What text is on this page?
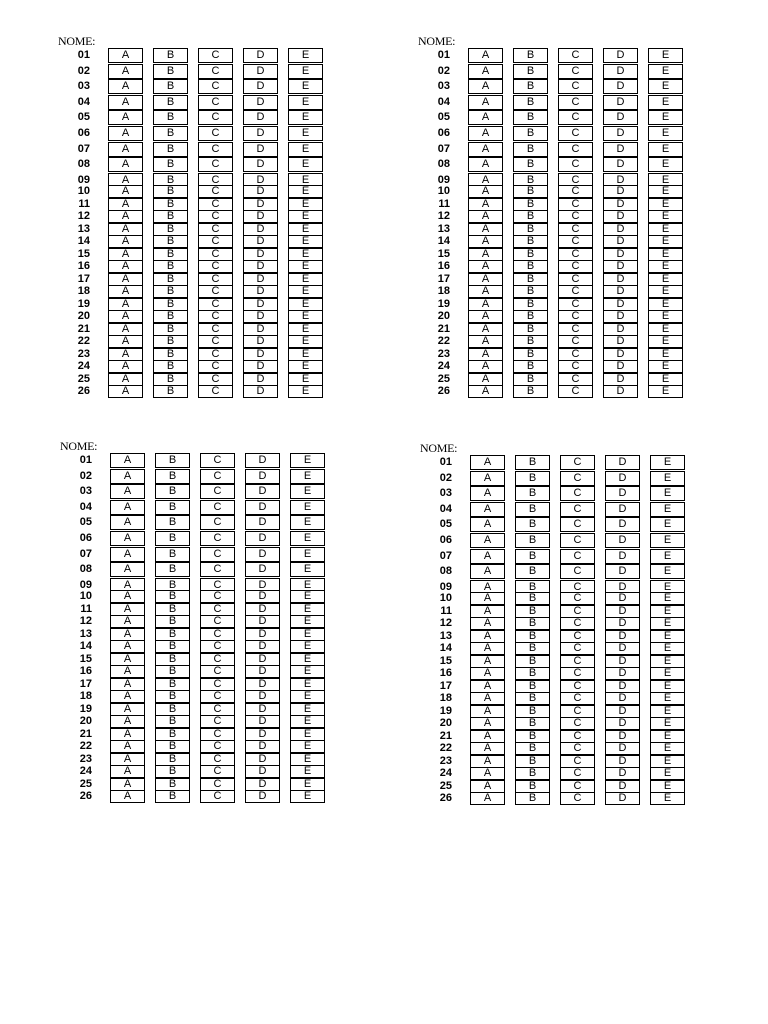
NOME:
01	A	B	C	D	E
02	A	B	C	D	E
03	A	B	C	D	E
04	A	B	C	D	E
05	A	B	C	D	E
06	A	B	C	D	E
07	A	B	C	D	E
08	A	B	C	D	E
09	A	B	C	D	E
10	A	B	C	D	E
11	A	B	C	D	E
12	A	B	C	D	E
13	A	B	C	D	E
14	A	B	C	D	E
15	A	B	C	D	E
16	A	B	C	D	E
17	A	B	C	D	E
18	A	B	C	D	E
19	A	B	C	D	E
20	A	B	C	D	E
21	A	B	C	D	E
22	A	B	C	D	E
23	A	B	C	D	E
24	A	B	C	D	E
25	A	B	C	D	E
26	A	B	C	D	E
NOME:
01	A	B	C	D	E
02	A	B	C	D	E
03	A	B	C	D	E
04	A	B	C	D	E
05	A	B	C	D	E
06	A	B	C	D	E
07	A	B	C	D	E
08	A	B	C	D	E
09	A	B	C	D	E
10	A	B	C	D	E
11	A	B	C	D	E
12	A	B	C	D	E
13	A	B	C	D	E
14	A	B	C	D	E
15	A	B	C	D	E
16	A	B	C	D	E
17	A	B	C	D	E
18	A	B	C	D	E
19	A	B	C	D	E
20	A	B	C	D	E
21	A	B	C	D	E
22	A	B	C	D	E
23	A	B	C	D	E
24	A	B	C	D	E
25	A	B	C	D	E
26	A	B	C	D	E
NOME:
01	A	B	C	D	E
02	A	B	C	D	E
03	A	B	C	D	E
04	A	B	C	D	E
05	A	B	C	D	E
06	A	B	C	D	E
07	A	B	C	D	E
08	A	B	C	D	E
09	A	B	C	D	E
10	A	B	C	D	E
11	A	B	C	D	E
12	A	B	C	D	E
13	A	B	C	D	E
14	A	B	C	D	E
15	A	B	C	D	E
16	A	B	C	D	E
17	A	B	C	D	E
18	A	B	C	D	E
19	A	B	C	D	E
20	A	B	C	D	E
21	A	B	C	D	E
22	A	B	C	D	E
23	A	B	C	D	E
24	A	B	C	D	E
25	A	B	C	D	E
26	A	B	C	D	E
NOME:
01	A	B	C	D	E
02	A	B	C	D	E
03	A	B	C	D	E
04	A	B	C	D	E
05	A	B	C	D	E
06	A	B	C	D	E
07	A	B	C	D	E
08	A	B	C	D	E
09	A	B	C	D	E
10	A	B	C	D	E
11	A	B	C	D	E
12	A	B	C	D	E
13	A	B	C	D	E
14	A	B	C	D	E
15	A	B	C	D	E
16	A	B	C	D	E
17	A	B	C	D	E
18	A	B	C	D	E
19	A	B	C	D	E
20	A	B	C	D	E
21	A	B	C	D	E
22	A	B	C	D	E
23	A	B	C	D	E
24	A	B	C	D	E
25	A	B	C	D	E
26	A	B	C	D	E
